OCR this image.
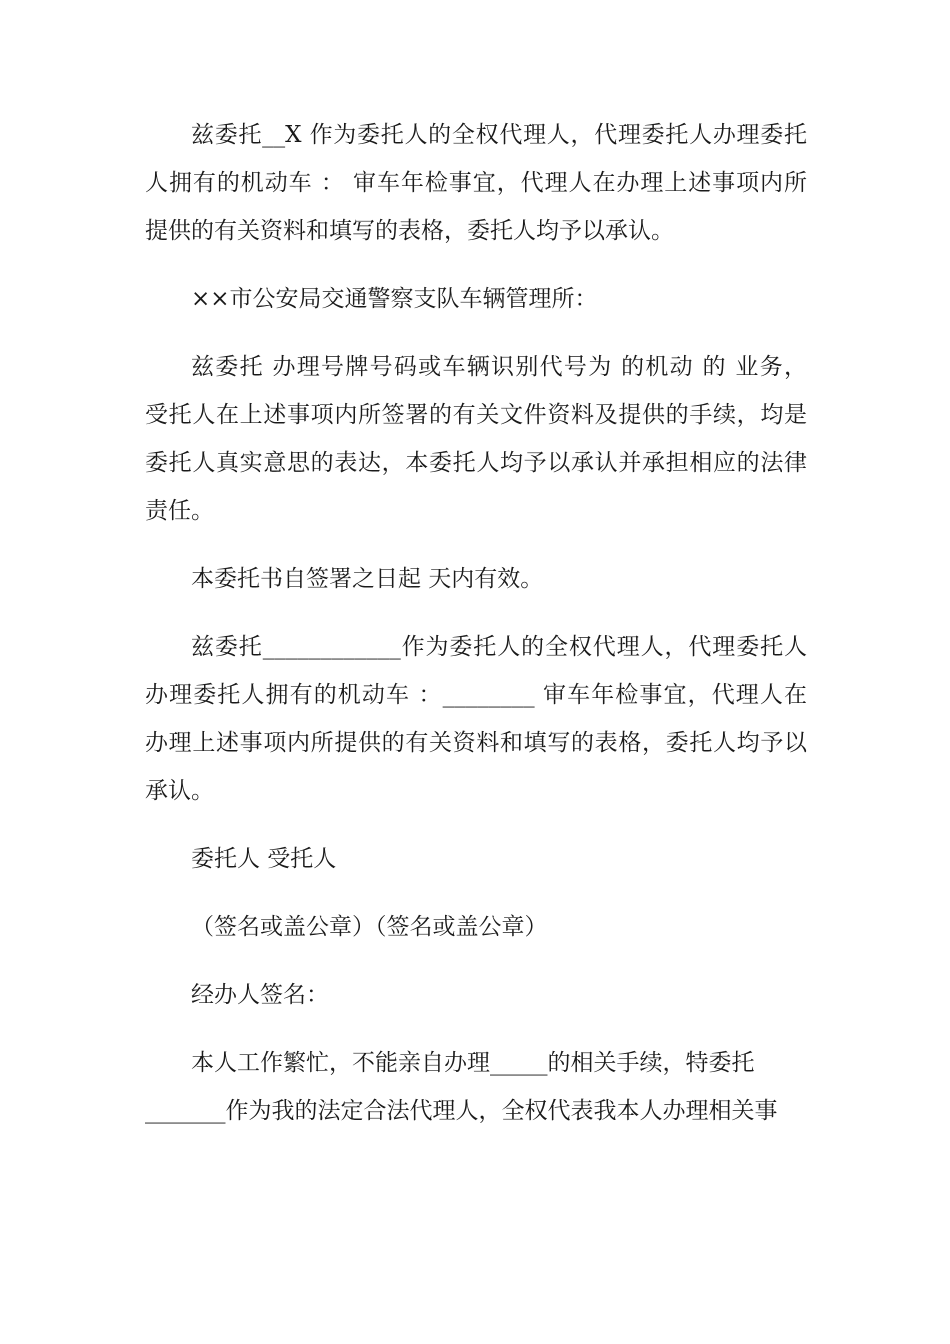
兹委托__X 作为委托人的全权代理人，代理委托人办理委托
人拥有的机动车 ： 审车年检事宜，代理人在办理上述事项内所
提供的有关资料和填写的表格，委托人均予以承认。
××市公安局交通警察支队车辆管理所：
兹委托 办理号牌号码或车辆识别代号为 的机动 的 业务，
受托人在上述事项内所签署的有关文件资料及提供的手续，均是
委托人真实意思的表达，本委托人均予以承认并承担相应的法律
责任。
本委托书自签署之日起 天内有效。
兹委托____________作为委托人的全权代理人，代理委托人
办理委托人拥有的机动车 ：________ 审车年检事宜，代理人在
办理上述事项内所提供的有关资料和填写的表格，委托人均予以
承认。
委托人 受托人
（签名或盖公章）（签名或盖公章）
经办人签名：
本人工作繁忙，不能亲自办理_____的相关手续，特委托
_______作为我的法定合法代理人，全权代表我本人办理相关事
